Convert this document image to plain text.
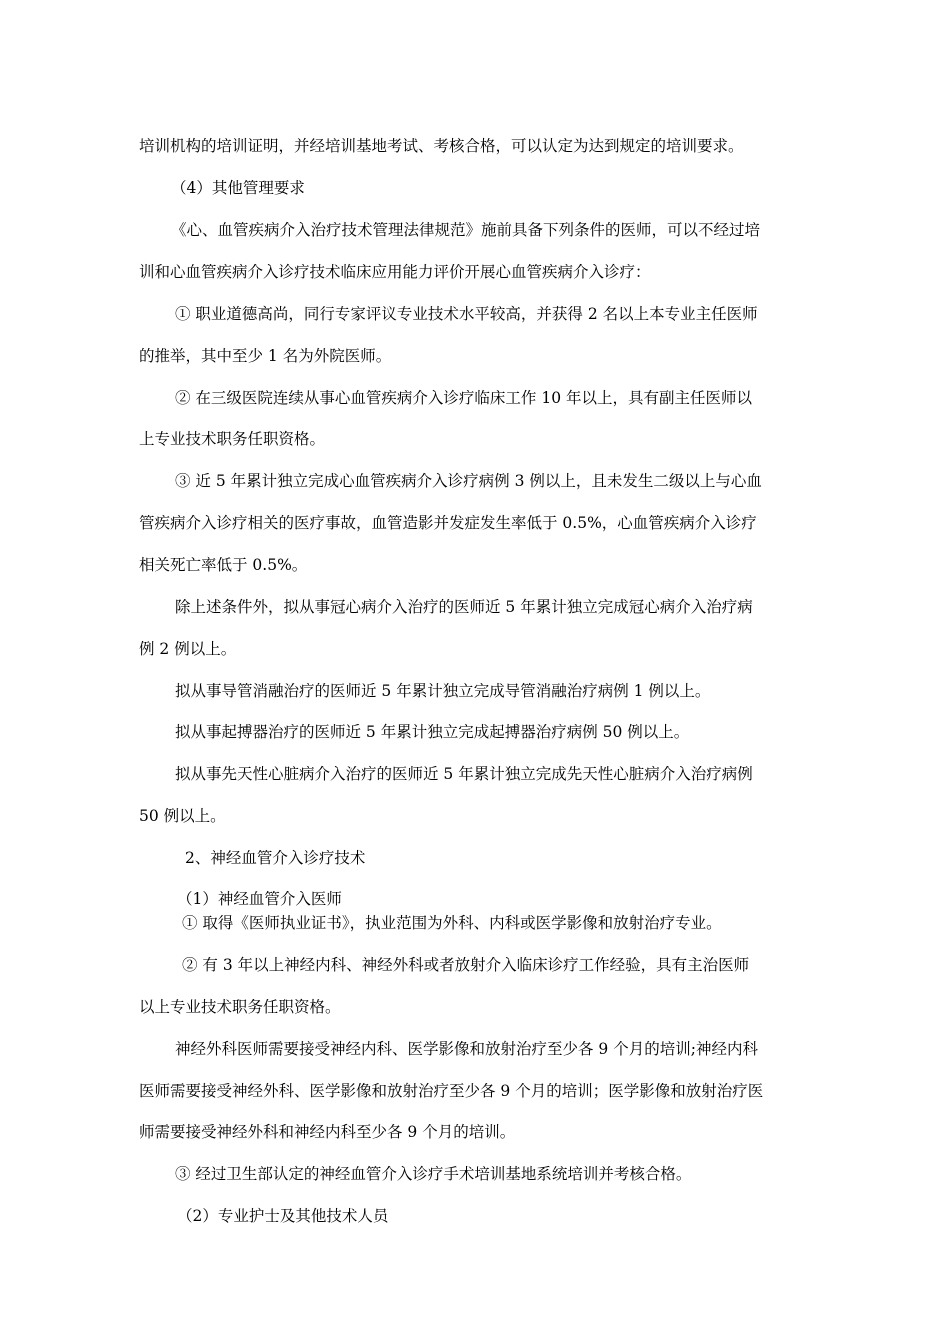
培训机构的培训证明，并经培训基地考试、考核合格，可以认定为达到规定的培训要求。

（4）其他管理要求

《心、血管疾病介入治疗技术管理法律规范》施前具备下列条件的医师，可以不经过培

训和心血管疾病介入诊疗技术临床应用能力评价开展心血管疾病介入诊疗：

① 职业道德高尚，同行专家评议专业技术水平较高，并获得 2 名以上本专业主任医师

的推举，其中至少 1 名为外院医师。

② 在三级医院连续从事心血管疾病介入诊疗临床工作 10 年以上，具有副主任医师以

上专业技术职务任职资格。

③ 近 5 年累计独立完成心血管疾病介入诊疗病例 3 例以上，且未发生二级以上与心血

管疾病介入诊疗相关的医疗事故，血管造影并发症发生率低于 0.5%，心血管疾病介入诊疗

相关死亡率低于 0.5%。

除上述条件外，拟从事冠心病介入治疗的医师近 5 年累计独立完成冠心病介入治疗病

例 2 例以上。

拟从事导管消融治疗的医师近 5 年累计独立完成导管消融治疗病例 1 例以上。

拟从事起搏器治疗的医师近 5 年累计独立完成起搏器治疗病例 50 例以上。

拟从事先天性心脏病介入治疗的医师近 5 年累计独立完成先天性心脏病介入治疗病例

50 例以上。

2、神经血管介入诊疗技术

（1）神经血管介入医师

① 取得《医师执业证书》，执业范围为外科、内科或医学影像和放射治疗专业。

② 有 3 年以上神经内科、神经外科或者放射介入临床诊疗工作经验，具有主治医师

以上专业技术职务任职资格。

神经外科医师需要接受神经内科、医学影像和放射治疗至少各 9 个月的培训;神经内科

医师需要接受神经外科、医学影像和放射治疗至少各 9 个月的培训；医学影像和放射治疗医

师需要接受神经外科和神经内科至少各 9 个月的培训。

③ 经过卫生部认定的神经血管介入诊疗手术培训基地系统培训并考核合格。

（2）专业护士及其他技术人员
